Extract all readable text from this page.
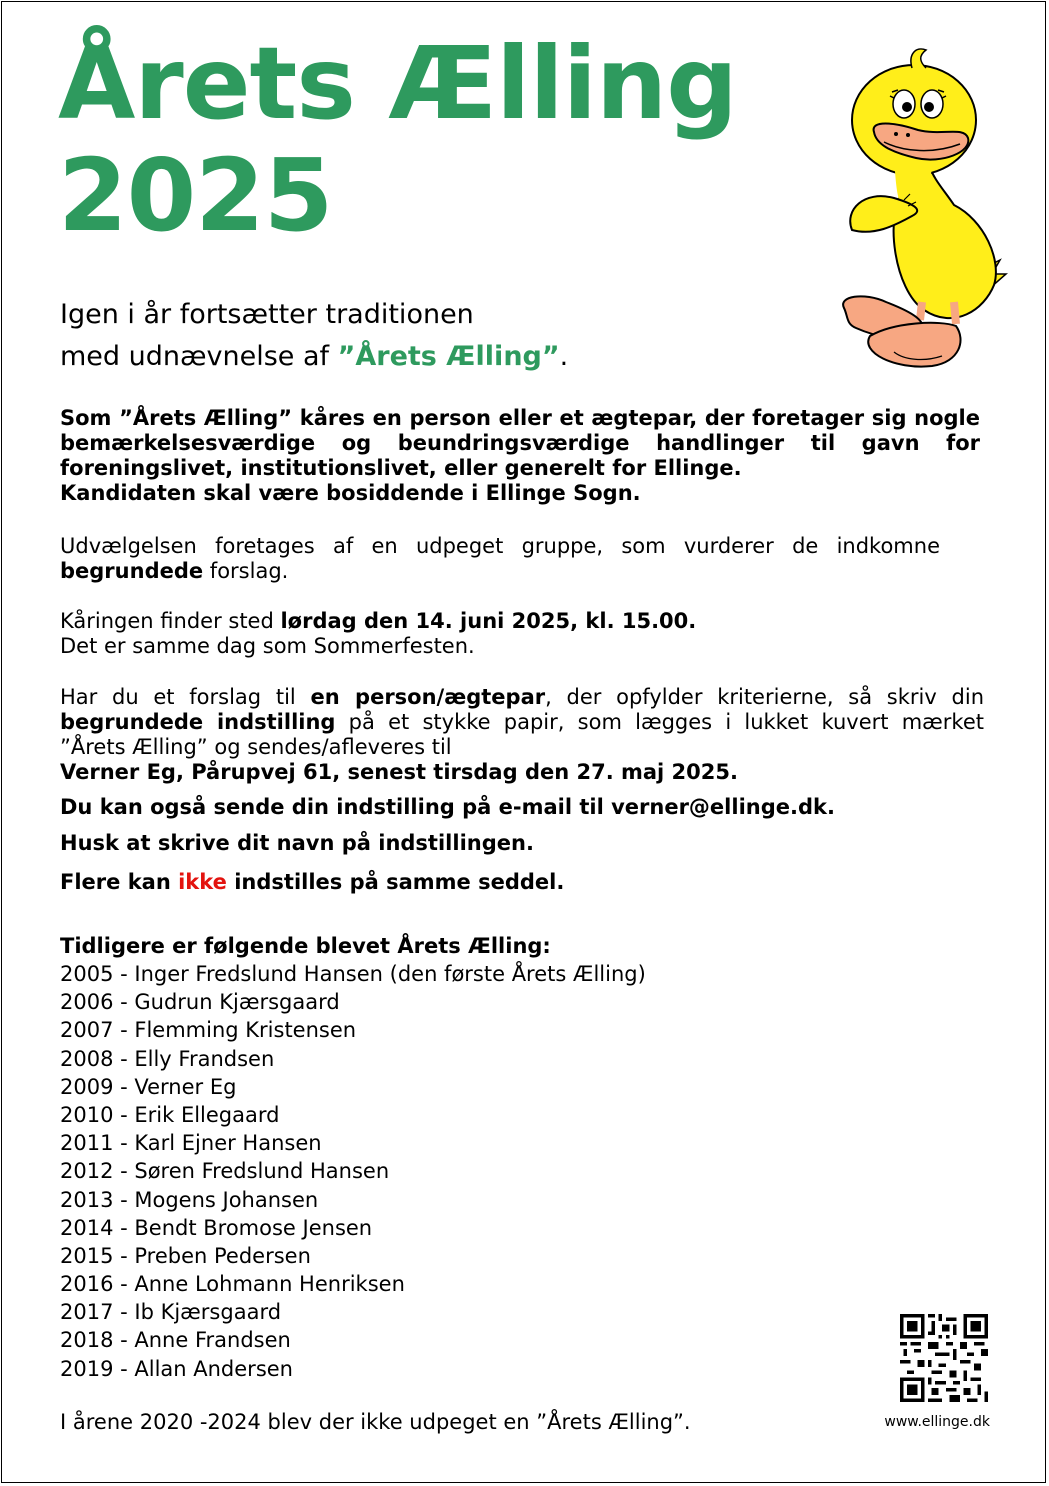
Årets Ælling
2025
Igen i år fortsætter traditionen
med udnævnelse af ”Årets Ælling”.
Som ”Årets Ælling” kåres en person eller et ægtepar, der foretager sig nogle bemærkelsesværdige og beundringsværdige handlinger til gavn for foreningslivet, institutionslivet, eller generelt for Ellinge.
Kandidaten skal være bosiddende i Ellinge Sogn.
Udvælgelsen foretages af en udpeget gruppe, som vurderer de indkomne begrundede forslag.
Kåringen finder sted lørdag den 14. juni 2025, kl. 15.00.
Det er samme dag som Sommerfesten.
Har du et forslag til en person/ægtepar, der opfylder kriterierne, så skriv din begrundede indstilling på et stykke papir, som lægges i lukket kuvert mærket ”Årets Ælling” og sendes/afleveres til
Verner Eg, Pårupvej 61, senest tirsdag den 27. maj 2025.
Du kan også sende din indstilling på e-mail til verner@ellinge.dk.
Husk at skrive dit navn på indstillingen.
Flere kan ikke indstilles på samme seddel.
Tidligere er følgende blevet Årets Ælling:
2005 - Inger Fredslund Hansen (den første Årets Ælling)
2006 - Gudrun Kjærsgaard
2007 - Flemming Kristensen
2008 - Elly Frandsen
2009 - Verner Eg
2010 - Erik Ellegaard
2011 - Karl Ejner Hansen
2012 - Søren Fredslund Hansen
2013 - Mogens Johansen
2014 - Bendt Bromose Jensen
2015 - Preben Pedersen
2016 - Anne Lohmann Henriksen
2017 - Ib Kjærsgaard
2018 - Anne Frandsen
2019 - Allan Andersen
I årene 2020 -2024 blev der ikke udpeget en ”Årets Ælling”.	www.ellinge.dk
